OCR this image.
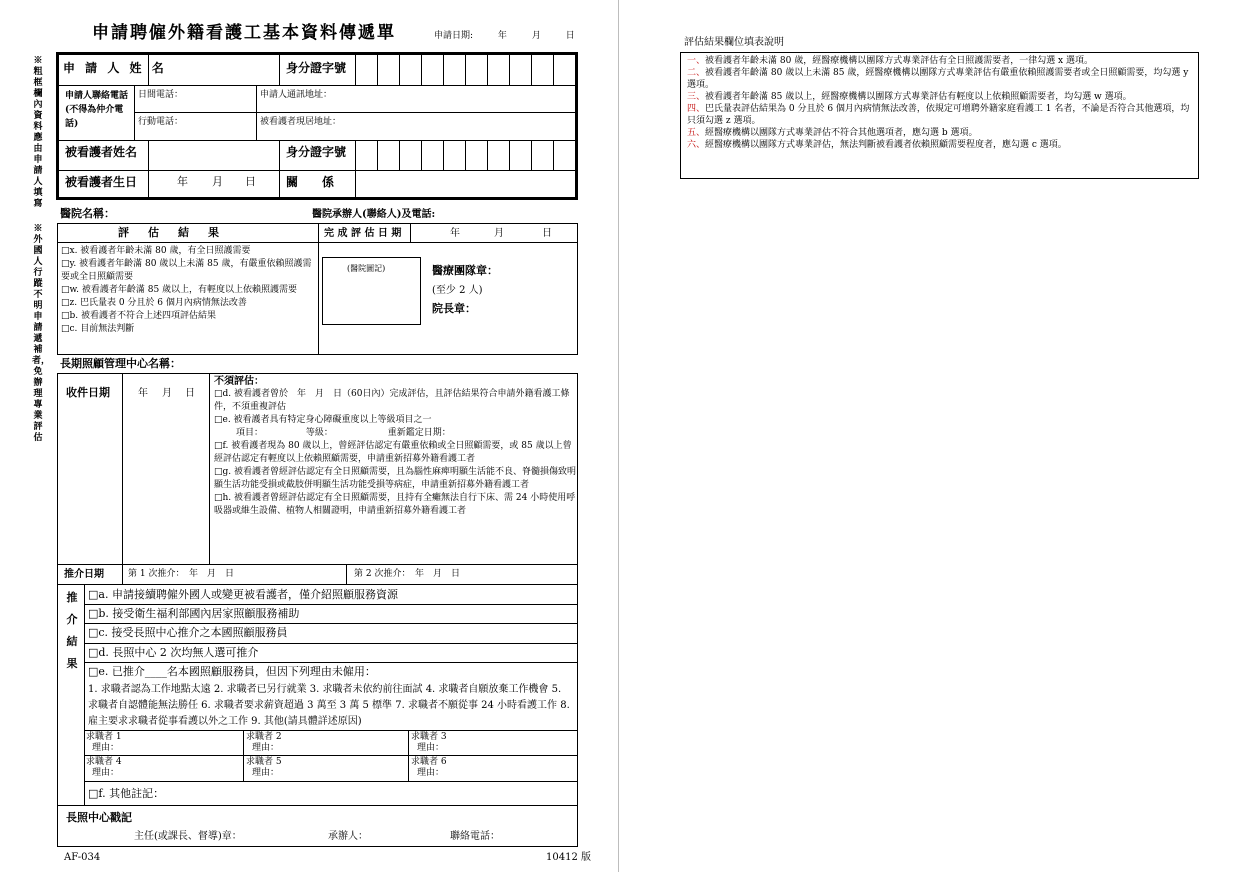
申請聘僱外籍看護工基本資料傳遞單	申請日期:	年	月	日
※粗框欄內資料應由申請人填寫
※外國人行蹤不明申請遞補者，免辦理專業評估
申 請 人 姓 名	身分證字號
申請人聯絡電話(不得為仲介電話)
日間電話：
行動電話：
申請人通訊地址：
被看護者現居地址：
被看護者姓名	身分證字號
被看護者生日	年 月 日	關　　係
醫院名稱：	醫院承辦人(聯絡人)及電話:
評　估　結　果	完 成 評 估 日 期	年	月	日
□x. 被看護者年齡未滿 80 歲，有全日照護需要
□y. 被看護者年齡滿 80 歲以上未滿 85 歲，有嚴重依賴照護需要或全日照顧需要
□w. 被看護者年齡滿 85 歲以上，有輕度以上依賴照護需要
□z. 巴氏量表 0 分且於 6 個月內病情無法改善
□b. 被看護者不符合上述四項評估結果
□c. 目前無法判斷
(醫院圖記)	醫療團隊章：
(至少 2 人)
院長章：
長期照顧管理中心名稱：
收件日期	年 月 日
不須評估：
□d. 被看護者曾於　年　月　日（60日內）完成評估，且評估結果符合申請外籍看護工條件，不須重複評估
□e. 被看護者具有特定身心障礙重度以上等級項目之一
項目：	等級：	重新鑑定日期：
□f. 被看護者現為 80 歲以上，曾經評估認定有嚴重依賴或全日照顧需要，或 85 歲以上曾經評估認定有輕度以上依賴照顧需要，申請重新招募外籍看護工者
□g. 被看護者曾經評估認定有全日照顧需要，且為腦性麻痺明顯生活能不良、脊髓損傷致明顯生活功能受損或截肢併明顯生活功能受損等病症，申請重新招募外籍看護工者
□h. 被看護者曾經評估認定有全日照顧需要，且持有全癱無法自行下床、需 24 小時使用呼吸器或維生設備、植物人相關證明，申請重新招募外籍看護工者
推介日期	第 1 次推介：　年　月　日	第 2 次推介：　年　月　日
推
介
結
果
□a. 申請接續聘僱外國人或變更被看護者，僅介紹照顧服務資源
□b. 接受衛生福利部國內居家照顧服務補助
□c. 接受長照中心推介之本國照顧服務員
□d. 長照中心 2 次均無人選可推介
□e. 已推介____名本國照顧服務員，但因下列理由未僱用：
1. 求職者認為工作地點太遠 2. 求職者已另行就業 3. 求職者未依約前往面試 4. 求職者自願放棄工作機會 5. 求職者自認體能無法勝任 6. 求職者要求薪資超過 3 萬至 3 萬 5 標準 7. 求職者不願從事 24 小時看護工作 8. 雇主要求求職者從事看護以外之工作 9. 其他(請具體詳述原因)
求職者 1
理由：
求職者 2
理由：
求職者 3
理由：
求職者 4
理由：
求職者 5
理由：
求職者 6
理由：
□f. 其他註記：
長照中心戳記
主任(或課長、督導)章：	承辦人：	聯絡電話：
AF-034	10412 版
評估結果欄位填表說明
一、被看護者年齡未滿 80 歲，經醫療機構以團隊方式專業評估有全日照護需要者，一律勾選 x 選項。
二、被看護者年齡滿 80 歲以上未滿 85 歲，經醫療機構以團隊方式專業評估有嚴重依賴照護需要者或全日照顧需要，均勾選 y 選項。
三、被看護者年齡滿 85 歲以上，經醫療機構以團隊方式專業評估有輕度以上依賴照顧需要者，均勾選 w 選項。
四、巴氏量表評估結果為 0 分且於 6 個月內病情無法改善，依規定可增聘外籍家庭看護工 1 名者，不論是否符合其他選項，均只須勾選 z 選項。
五、經醫療機構以團隊方式專業評估不符合其他選項者，應勾選 b 選項。
六、經醫療機構以團隊方式專業評估，無法判斷被看護者依賴照顧需要程度者，應勾選 c 選項。
